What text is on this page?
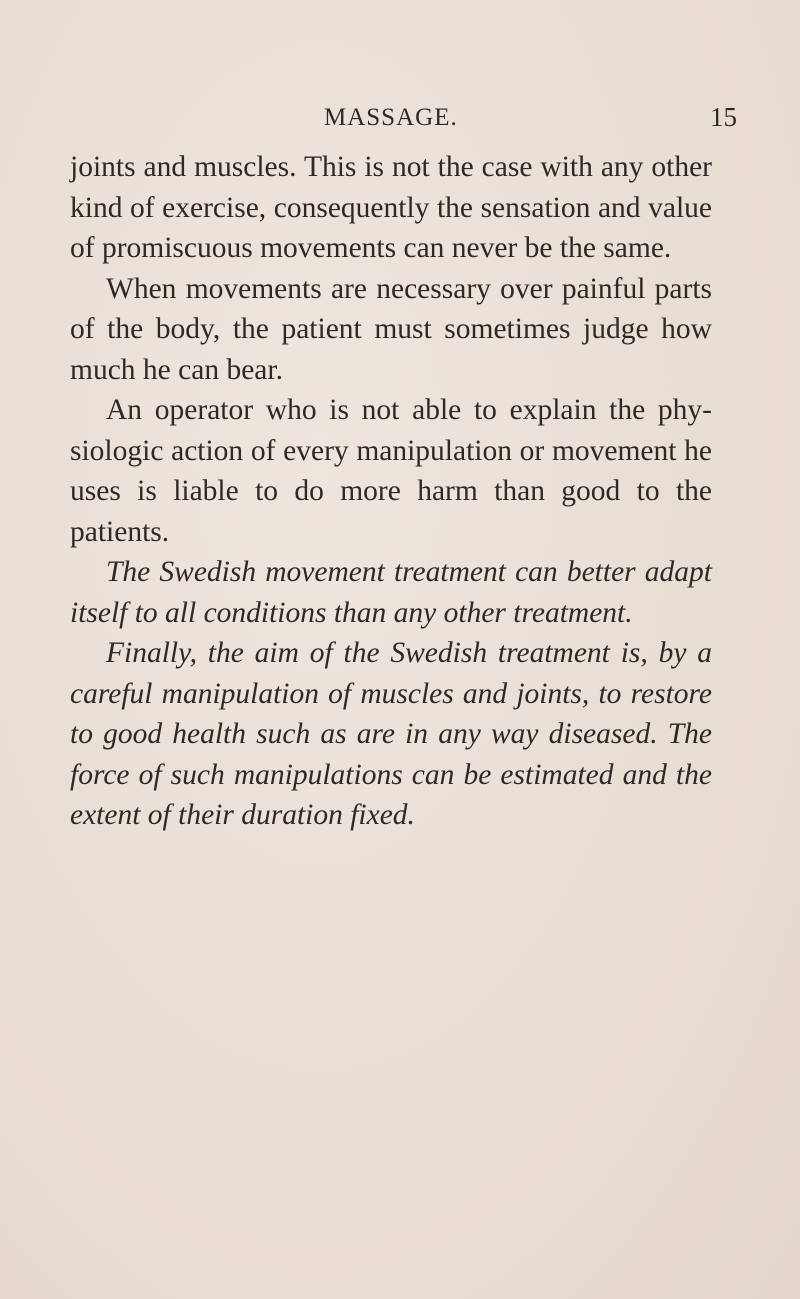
MASSAGE.	15

joints and muscles. This is not the case with any other kind of exercise, consequently the sensation and value of promiscuous movements can never be the same.

When movements are necessary over painful parts of the body, the patient must sometimes judge how much he can bear.

An operator who is not able to explain the phy- siologic action of every manipulation or movement he uses is liable to do more harm than good to the patients.

The Swedish movement treatment can better adapt itself to all conditions than any other treatment.

Finally, the aim of the Swedish treatment is, by a careful manipulation of muscles and joints, to restore to good health such as are in any way diseased. The force of such manipulations can be estimated and the extent of their duration fixed.
